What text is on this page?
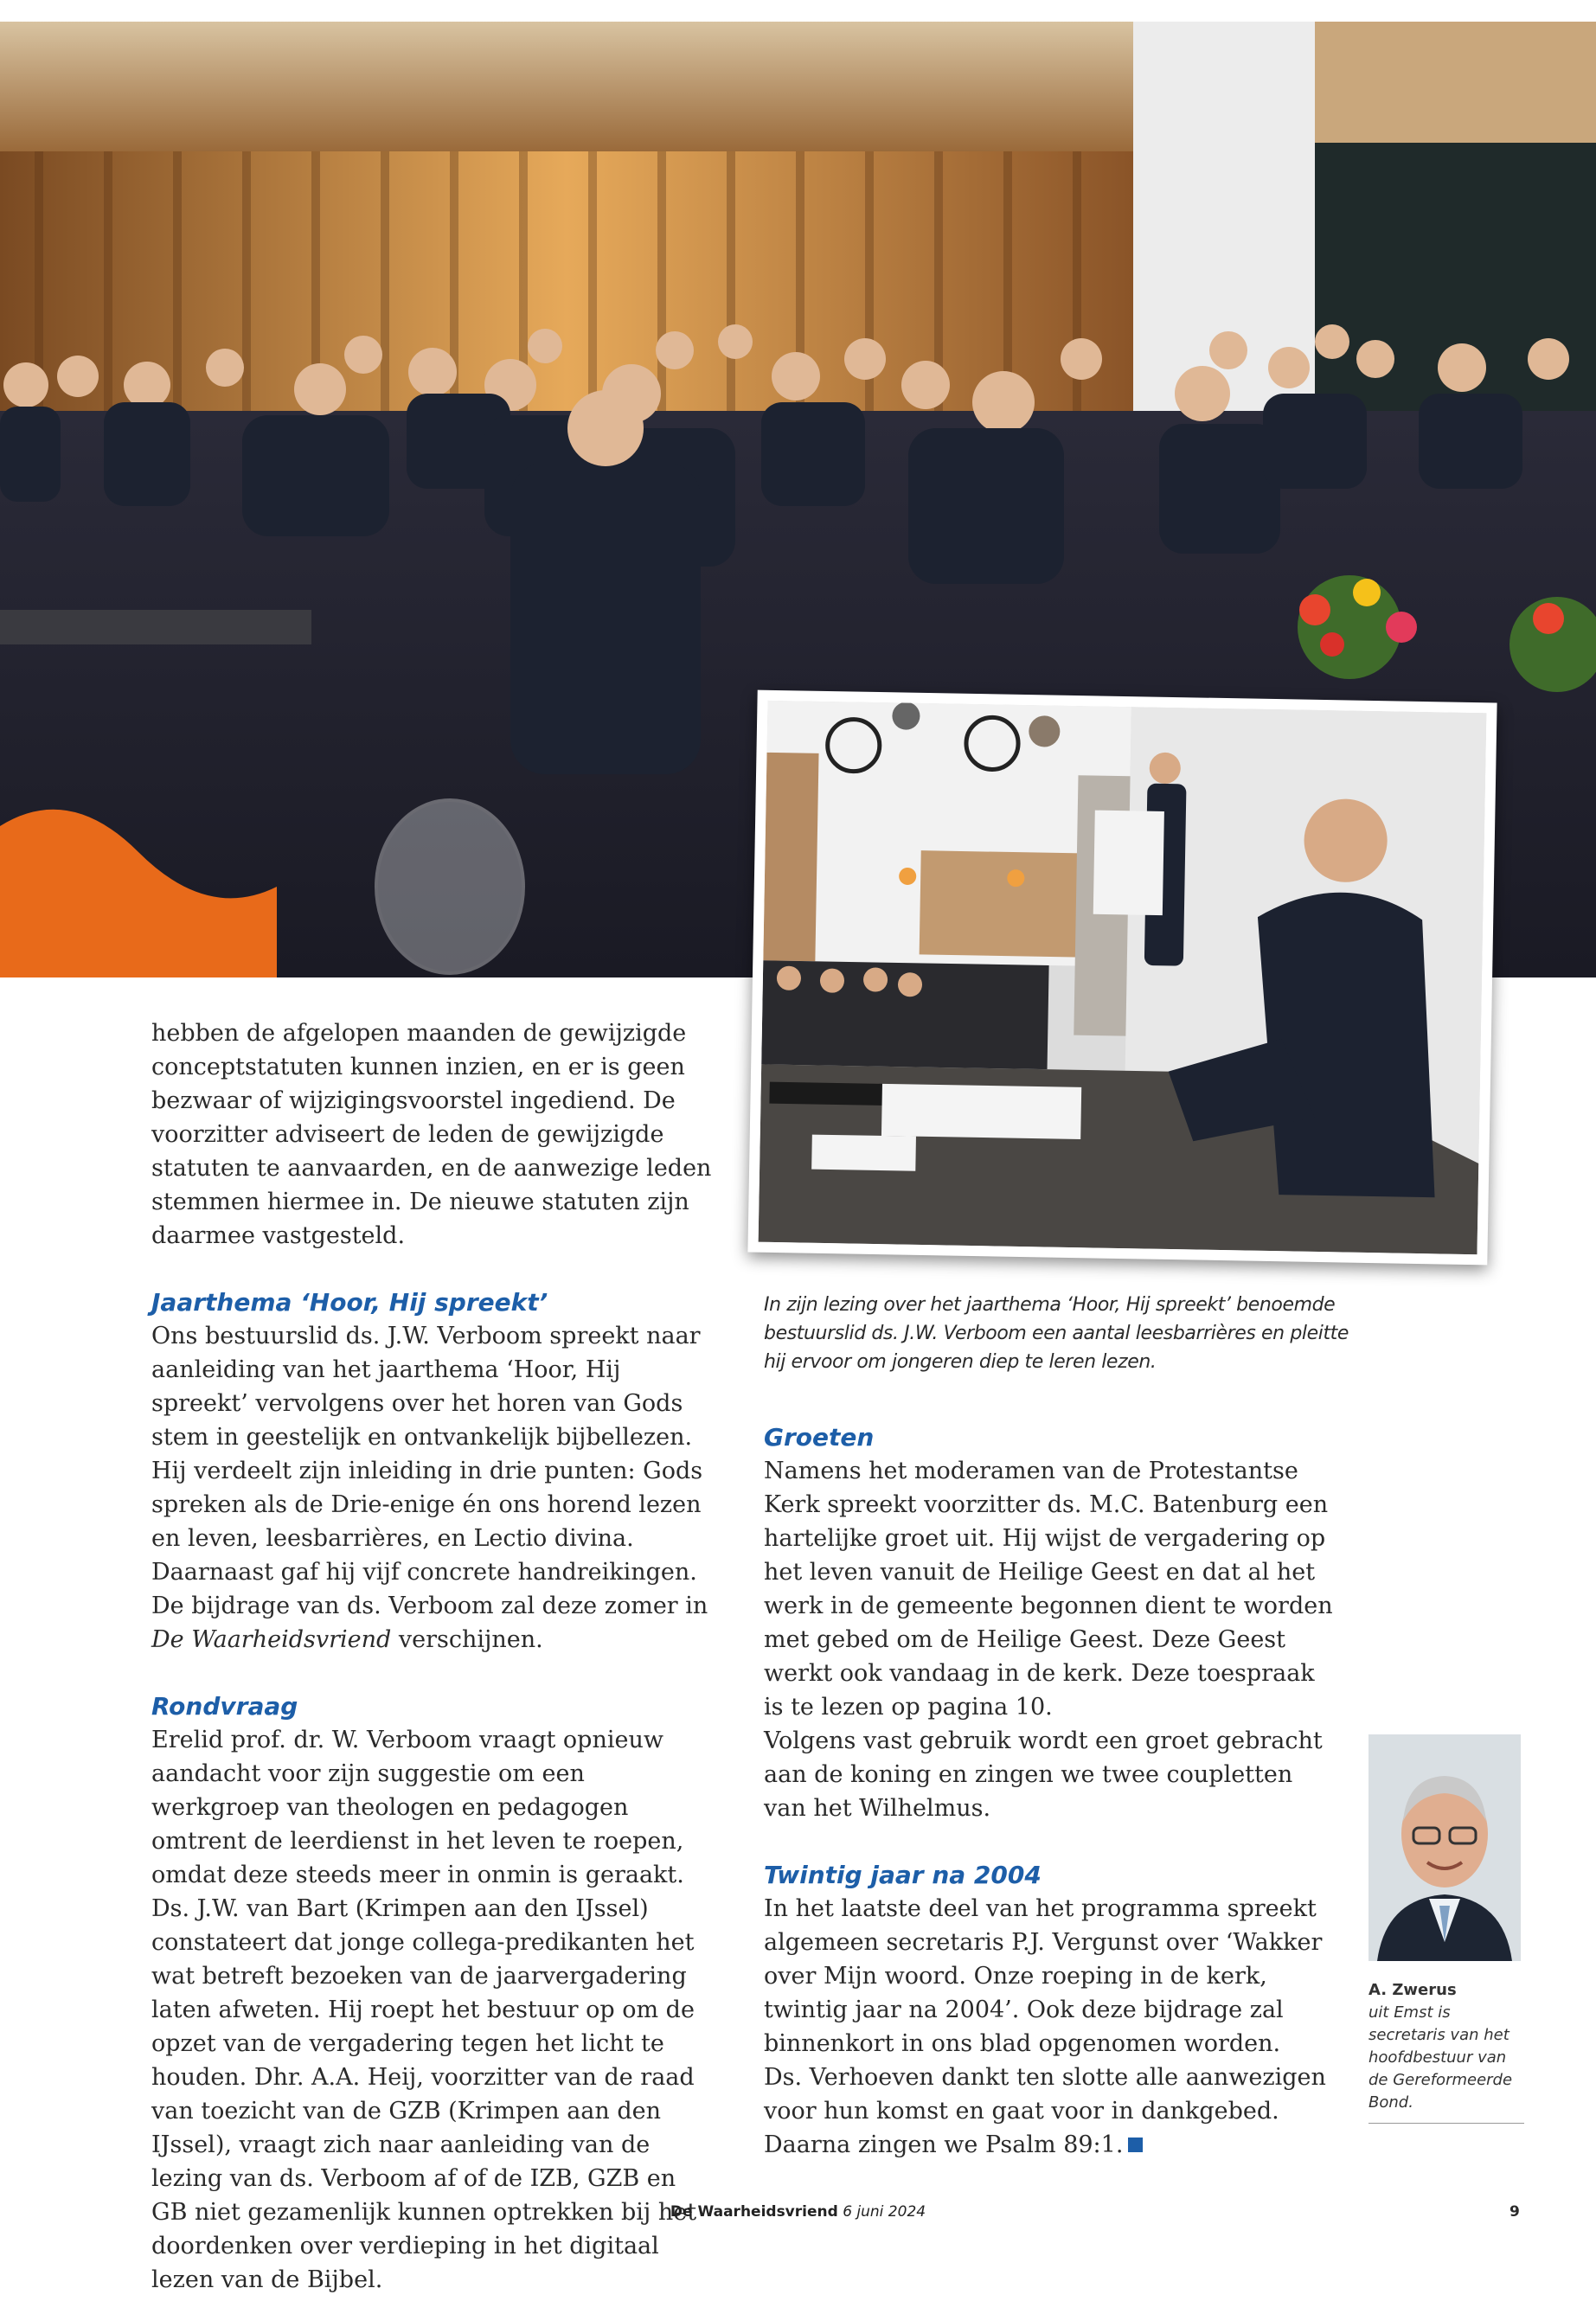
hebben de afgelopen maanden de gewijzigde conceptstatuten kunnen inzien, en er is geen bezwaar of wijzigingsvoorstel ingediend. De voorzitter adviseert de leden de gewijzigde statuten te aanvaarden, en de aanwezige leden stemmen hiermee in. De nieuwe statuten zijn daarmee vastgesteld.

Jaarthema ‘Hoor, Hij spreekt’

Ons bestuurslid ds. J.W. Verboom spreekt naar aanleiding van het jaarthema ‘Hoor, Hij spreekt’ vervolgens over het horen van Gods stem in geestelijk en ontvankelijk bijbellezen. Hij verdeelt zijn inleiding in drie punten: Gods spreken als de Drie-enige én ons horend lezen en leven, leesbarrières, en Lectio divina. Daarnaast gaf hij vijf concrete handreikingen. De bijdrage van ds. Verboom zal deze zomer in De Waarheidsvriend verschijnen.

Rondvraag

Erelid prof. dr. W. Verboom vraagt opnieuw aandacht voor zijn suggestie om een werkgroep van theologen en pedagogen omtrent de leerdienst in het leven te roepen, omdat deze steeds meer in onmin is geraakt. Ds. J.W. van Bart (Krimpen aan den IJssel) constateert dat jonge collega-predikanten het wat betreft bezoeken van de jaarvergadering laten afweten. Hij roept het bestuur op om de opzet van de vergadering tegen het licht te houden. Dhr. A.A. Heij, voorzitter van de raad van toezicht van de GZB (Krimpen aan den IJssel), vraagt zich naar aanleiding van de lezing van ds. Verboom af of de IZB, GZB en GB niet gezamenlijk kunnen optrekken bij het doordenken over verdieping in het digitaal lezen van de Bijbel.

In zijn lezing over het jaarthema ‘Hoor, Hij spreekt’ benoemde bestuurslid ds. J.W. Verboom een aantal leesbarrières en pleitte hij ervoor om jongeren diep te leren lezen.
Groeten

Namens het moderamen van de Protestantse Kerk spreekt voorzitter ds. M.C. Batenburg een hartelijke groet uit. Hij wijst de vergadering op het leven vanuit de Heilige Geest en dat al het werk in de gemeente begonnen dient te worden met gebed om de Heilige Geest. Deze Geest werkt ook vandaag in de kerk. Deze toespraak is te lezen op pagina 10.

Volgens vast gebruik wordt een groet gebracht aan de koning en zingen we twee coupletten van het Wilhelmus.

Twintig jaar na 2004

In het laatste deel van het programma spreekt algemeen secretaris P.J. Vergunst over ‘Wakker over Mijn woord. Onze roeping in de kerk, twintig jaar na 2004’. Ook deze bijdrage zal binnenkort in ons blad opgenomen worden.

Ds. Verhoeven dankt ten slotte alle aanwezigen voor hun komst en gaat voor in dankgebed. Daarna zingen we Psalm 89:1.

A. Zwerus
uit Emst is secretaris van het hoofdbestuur van de Gereformeerde Bond.
De Waarheidsvriend 6 juni 2024	9
